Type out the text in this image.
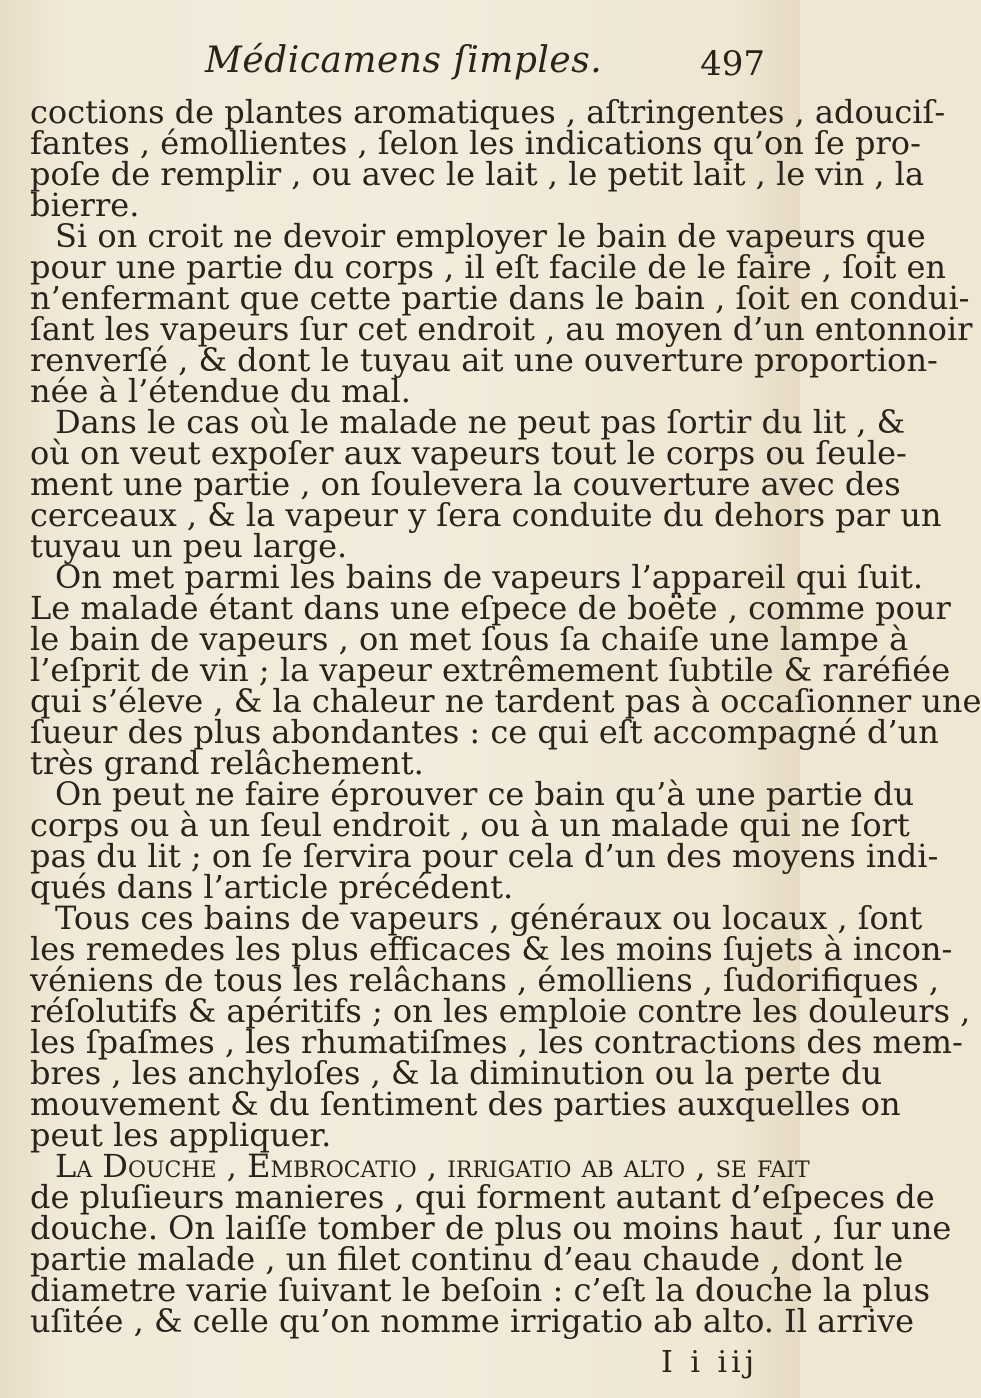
Médicamens ſimples.	497
coctions de plantes aromatiques , aſtringentes , adouciſ-
fantes , émollientes , ſelon les indications qu’on ſe pro-
poſe de remplir , ou avec le lait , le petit lait , le vin , la
bierre.
Si on croit ne devoir employer le bain de vapeurs que
pour une partie du corps , il eſt facile de le faire , ſoit en
n’enfermant que cette partie dans le bain , ſoit en condui-
ſant les vapeurs ſur cet endroit , au moyen d’un entonnoir
renverſé , & dont le tuyau ait une ouverture proportion-
née à l’étendue du mal.
Dans le cas où le malade ne peut pas ſortir du lit , &
où on veut expoſer aux vapeurs tout le corps ou ſeule-
ment une partie , on ſoulevera la couverture avec des
cerceaux , & la vapeur y ſera conduite du dehors par un
tuyau un peu large.
On met parmi les bains de vapeurs l’appareil qui ſuit.
Le malade étant dans une eſpece de boëte , comme pour
le bain de vapeurs , on met ſous ſa chaiſe une lampe à
l’eſprit de vin ; la vapeur extrêmement ſubtile & raréfiée
qui s’éleve , & la chaleur ne tardent pas à occaſionner une
ſueur des plus abondantes : ce qui eſt accompagné d’un
très grand relâchement.
On peut ne faire éprouver ce bain qu’à une partie du
corps ou à un ſeul endroit , ou à un malade qui ne ſort
pas du lit ; on ſe ſervira pour cela d’un des moyens indi-
qués dans l’article précédent.
Tous ces bains de vapeurs , généraux ou locaux , ſont
les remedes les plus efficaces & les moins ſujets à incon-
véniens de tous les relâchans , émolliens , ſudorifiques ,
réſolutifs & apéritifs ; on les emploie contre les douleurs ,
les ſpaſmes , les rhumatiſmes , les contractions des mem-
bres , les anchyloſes , & la diminution ou la perte du
mouvement & du ſentiment des parties auxquelles on
peut les appliquer.
La Douche , Embrocatio , irrigatio ab alto , ſe fait
de pluſieurs manieres , qui forment autant d’eſpeces de
douche. On laiſſe tomber de plus ou moins haut , ſur une
partie malade , un filet continu d’eau chaude , dont le
diametre varie ſuivant le beſoin : c’eſt la douche la plus
uſitée , & celle qu’on nomme irrigatio ab alto. Il arrive
I i iij
